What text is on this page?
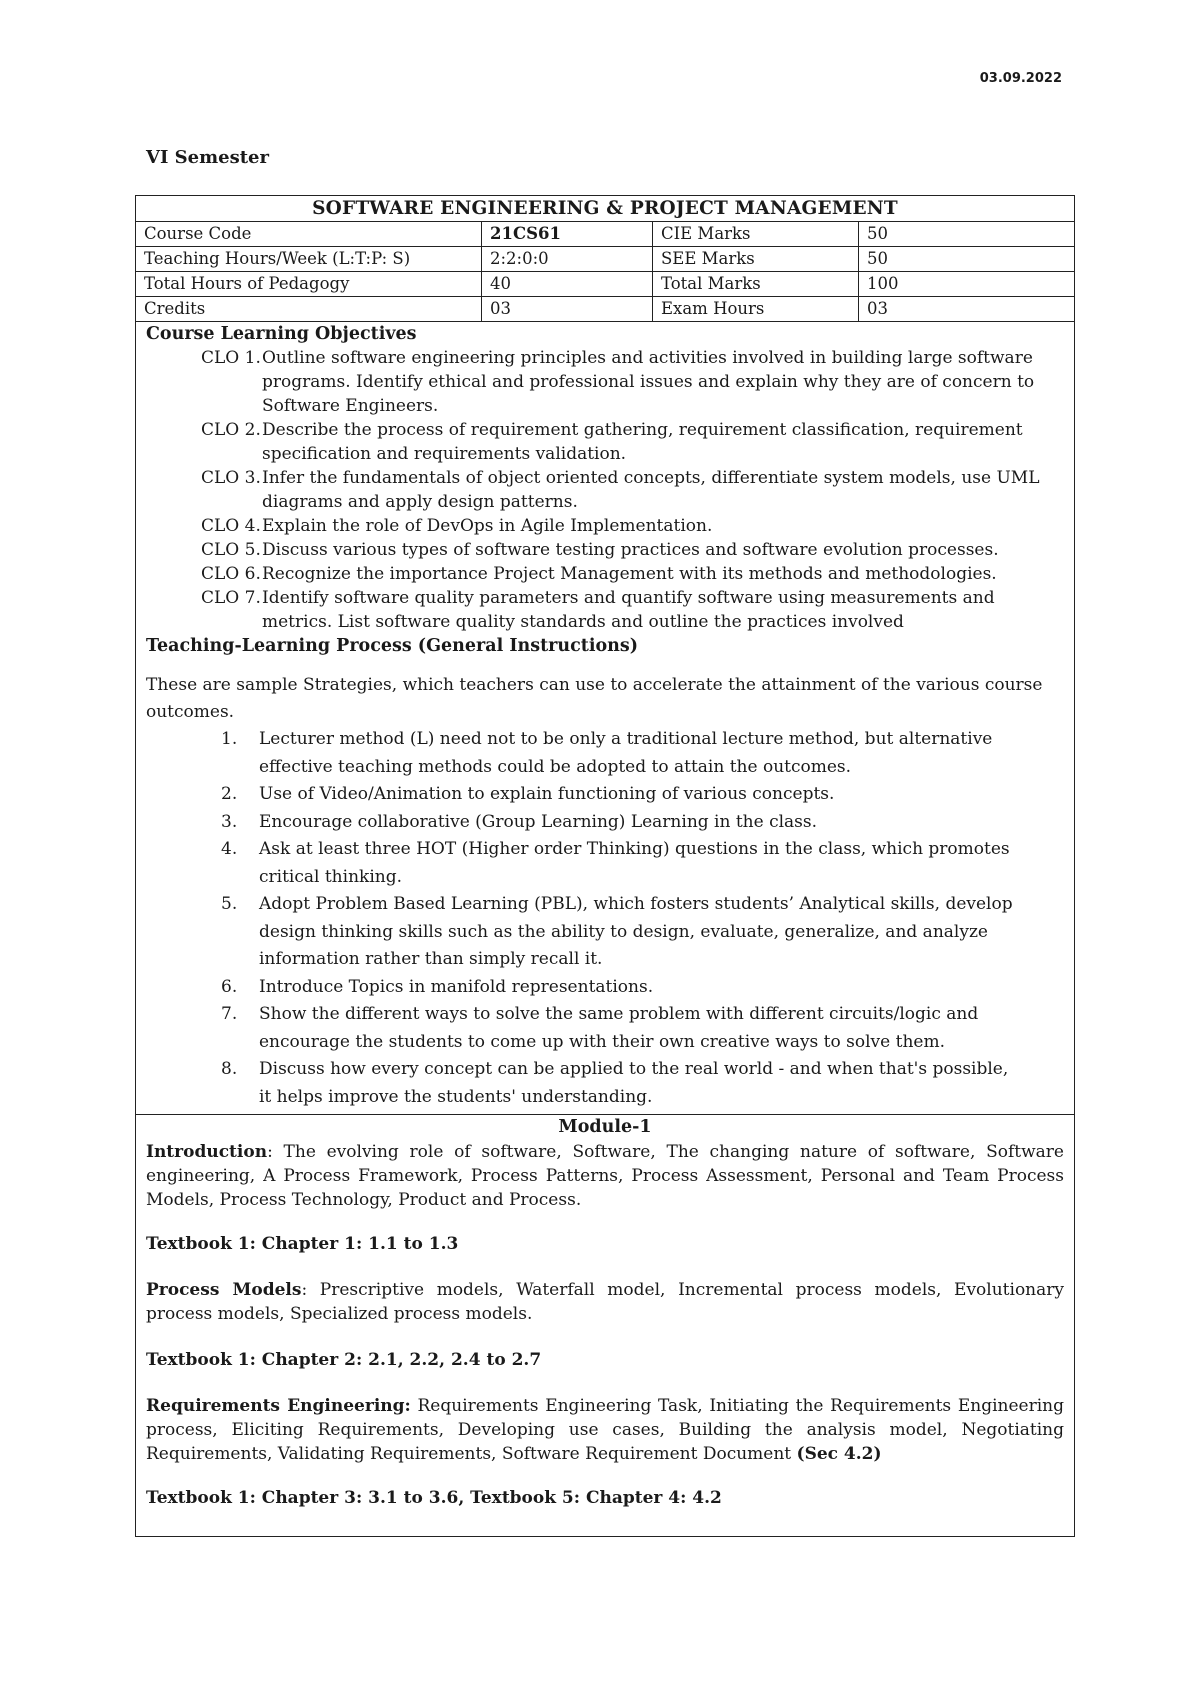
03.09.2022
VI Semester
SOFTWARE ENGINEERING & PROJECT MANAGEMENT
Course Code	21CS61	CIE Marks	50
Teaching Hours/Week (L:T:P: S)	2:2:0:0	SEE Marks	50
Total Hours of Pedagogy	40	Total Marks	100
Credits	03	Exam Hours	03
Course Learning Objectives
CLO 1. Outline software engineering principles and activities involved in building large software programs. Identify ethical and professional issues and explain why they are of concern to Software Engineers.
CLO 2. Describe the process of requirement gathering, requirement classification, requirement specification and requirements validation.
CLO 3. Infer the fundamentals of object oriented concepts, differentiate system models, use UML diagrams and apply design patterns.
CLO 4. Explain the role of DevOps in Agile Implementation.
CLO 5. Discuss various types of software testing practices and software evolution processes.
CLO 6. Recognize the importance Project Management with its methods and methodologies.
CLO 7. Identify software quality parameters and quantify software using measurements and metrics. List software quality standards and outline the practices involved
Teaching-Learning Process (General Instructions)
These are sample Strategies, which teachers can use to accelerate the attainment of the various course outcomes.
1. Lecturer method (L) need not to be only a traditional lecture method, but alternative effective teaching methods could be adopted to attain the outcomes.
2. Use of Video/Animation to explain functioning of various concepts.
3. Encourage collaborative (Group Learning) Learning in the class.
4. Ask at least three HOT (Higher order Thinking) questions in the class, which promotes critical thinking.
5. Adopt Problem Based Learning (PBL), which fosters students’ Analytical skills, develop design thinking skills such as the ability to design, evaluate, generalize, and analyze information rather than simply recall it.
6. Introduce Topics in manifold representations.
7. Show the different ways to solve the same problem with different circuits/logic and encourage the students to come up with their own creative ways to solve them.
8. Discuss how every concept can be applied to the real world - and when that's possible, it helps improve the students' understanding.
Module-1

Introduction: The evolving role of software, Software, The changing nature of software, Software engineering, A Process Framework, Process Patterns, Process Assessment, Personal and Team Process Models, Process Technology, Product and Process.

Textbook 1: Chapter 1: 1.1 to 1.3

Process Models: Prescriptive models, Waterfall model, Incremental process models, Evolutionary process models, Specialized process models.

Textbook 1: Chapter 2: 2.1, 2.2, 2.4 to 2.7

Requirements Engineering: Requirements Engineering Task, Initiating the Requirements Engineering process, Eliciting Requirements, Developing use cases, Building the analysis model, Negotiating Requirements, Validating Requirements, Software Requirement Document (Sec 4.2)

Textbook 1: Chapter 3: 3.1 to 3.6, Textbook 5: Chapter 4: 4.2
